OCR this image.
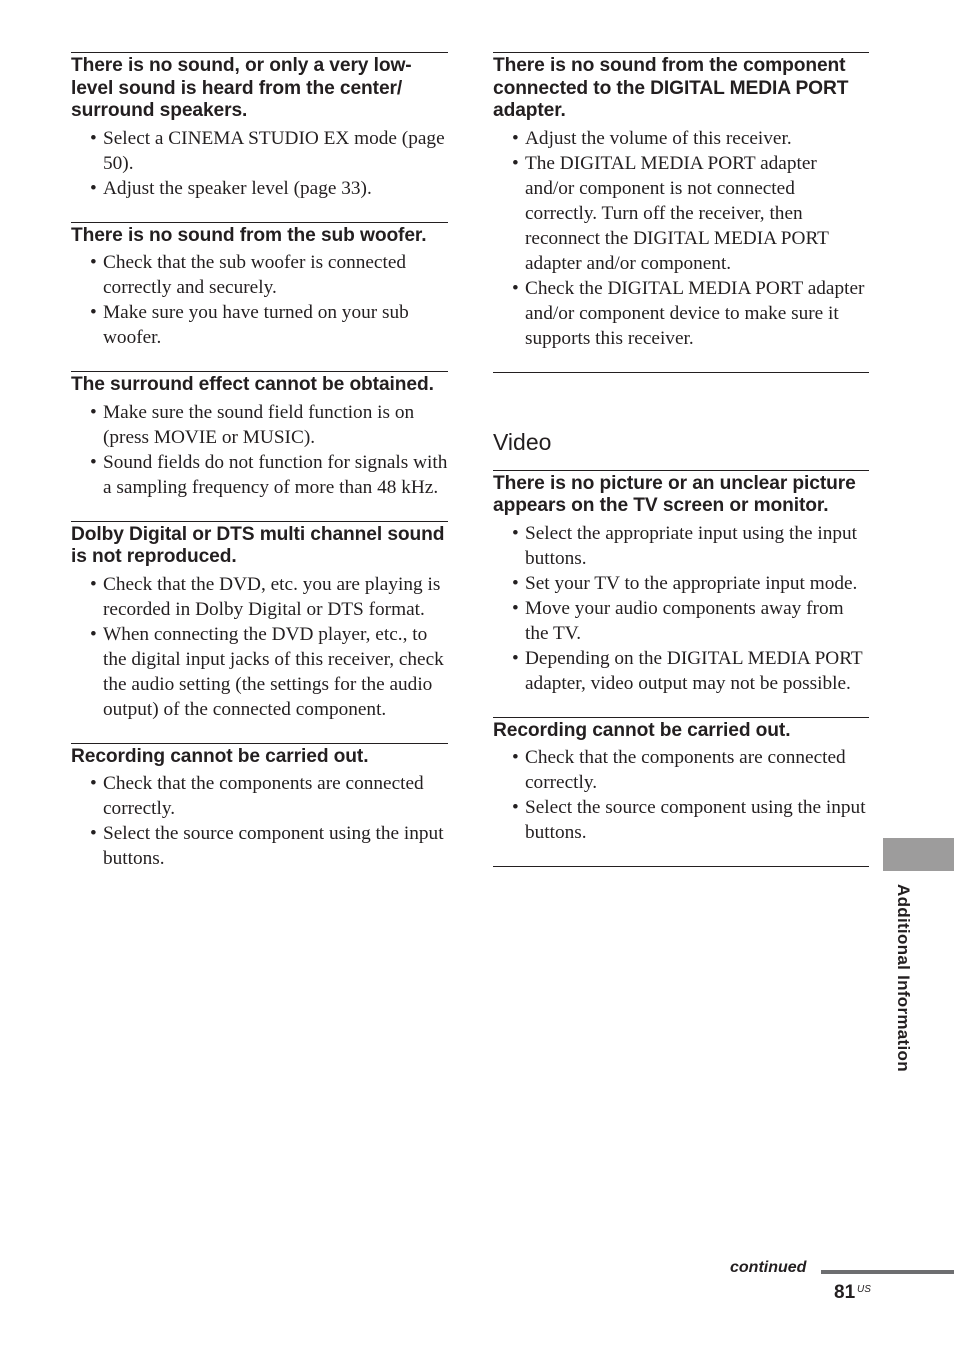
There is no sound, or only a very low-level sound is heard from the center/ surround speakers.
• Select a CINEMA STUDIO EX mode (page 50).
• Adjust the speaker level (page 33).
There is no sound from the sub woofer.
• Check that the sub woofer is connected correctly and securely.
• Make sure you have turned on your sub woofer.
The surround effect cannot be obtained.
• Make sure the sound field function is on (press MOVIE or MUSIC).
• Sound fields do not function for signals with a sampling frequency of more than 48 kHz.
Dolby Digital or DTS multi channel sound is not reproduced.
• Check that the DVD, etc. you are playing is recorded in Dolby Digital or DTS format.
• When connecting the DVD player, etc., to the digital input jacks of this receiver, check the audio setting (the settings for the audio output) of the connected component.
Recording cannot be carried out.
• Check that the components are connected correctly.
• Select the source component using the input buttons.
There is no sound from the component connected to the DIGITAL MEDIA PORT adapter.
• Adjust the volume of this receiver.
• The DIGITAL MEDIA PORT adapter and/or component is not connected correctly. Turn off the receiver, then reconnect the DIGITAL MEDIA PORT adapter and/or component.
• Check the DIGITAL MEDIA PORT adapter and/or component device to make sure it supports this receiver.
Video
There is no picture or an unclear picture appears on the TV screen or monitor.
• Select the appropriate input using the input buttons.
• Set your TV to the appropriate input mode.
• Move your audio components away from the TV.
• Depending on the DIGITAL MEDIA PORT adapter, video output may not be possible.
Recording cannot be carried out.
• Check that the components are connected correctly.
• Select the source component using the input buttons.
Additional Information
continued
81 US
